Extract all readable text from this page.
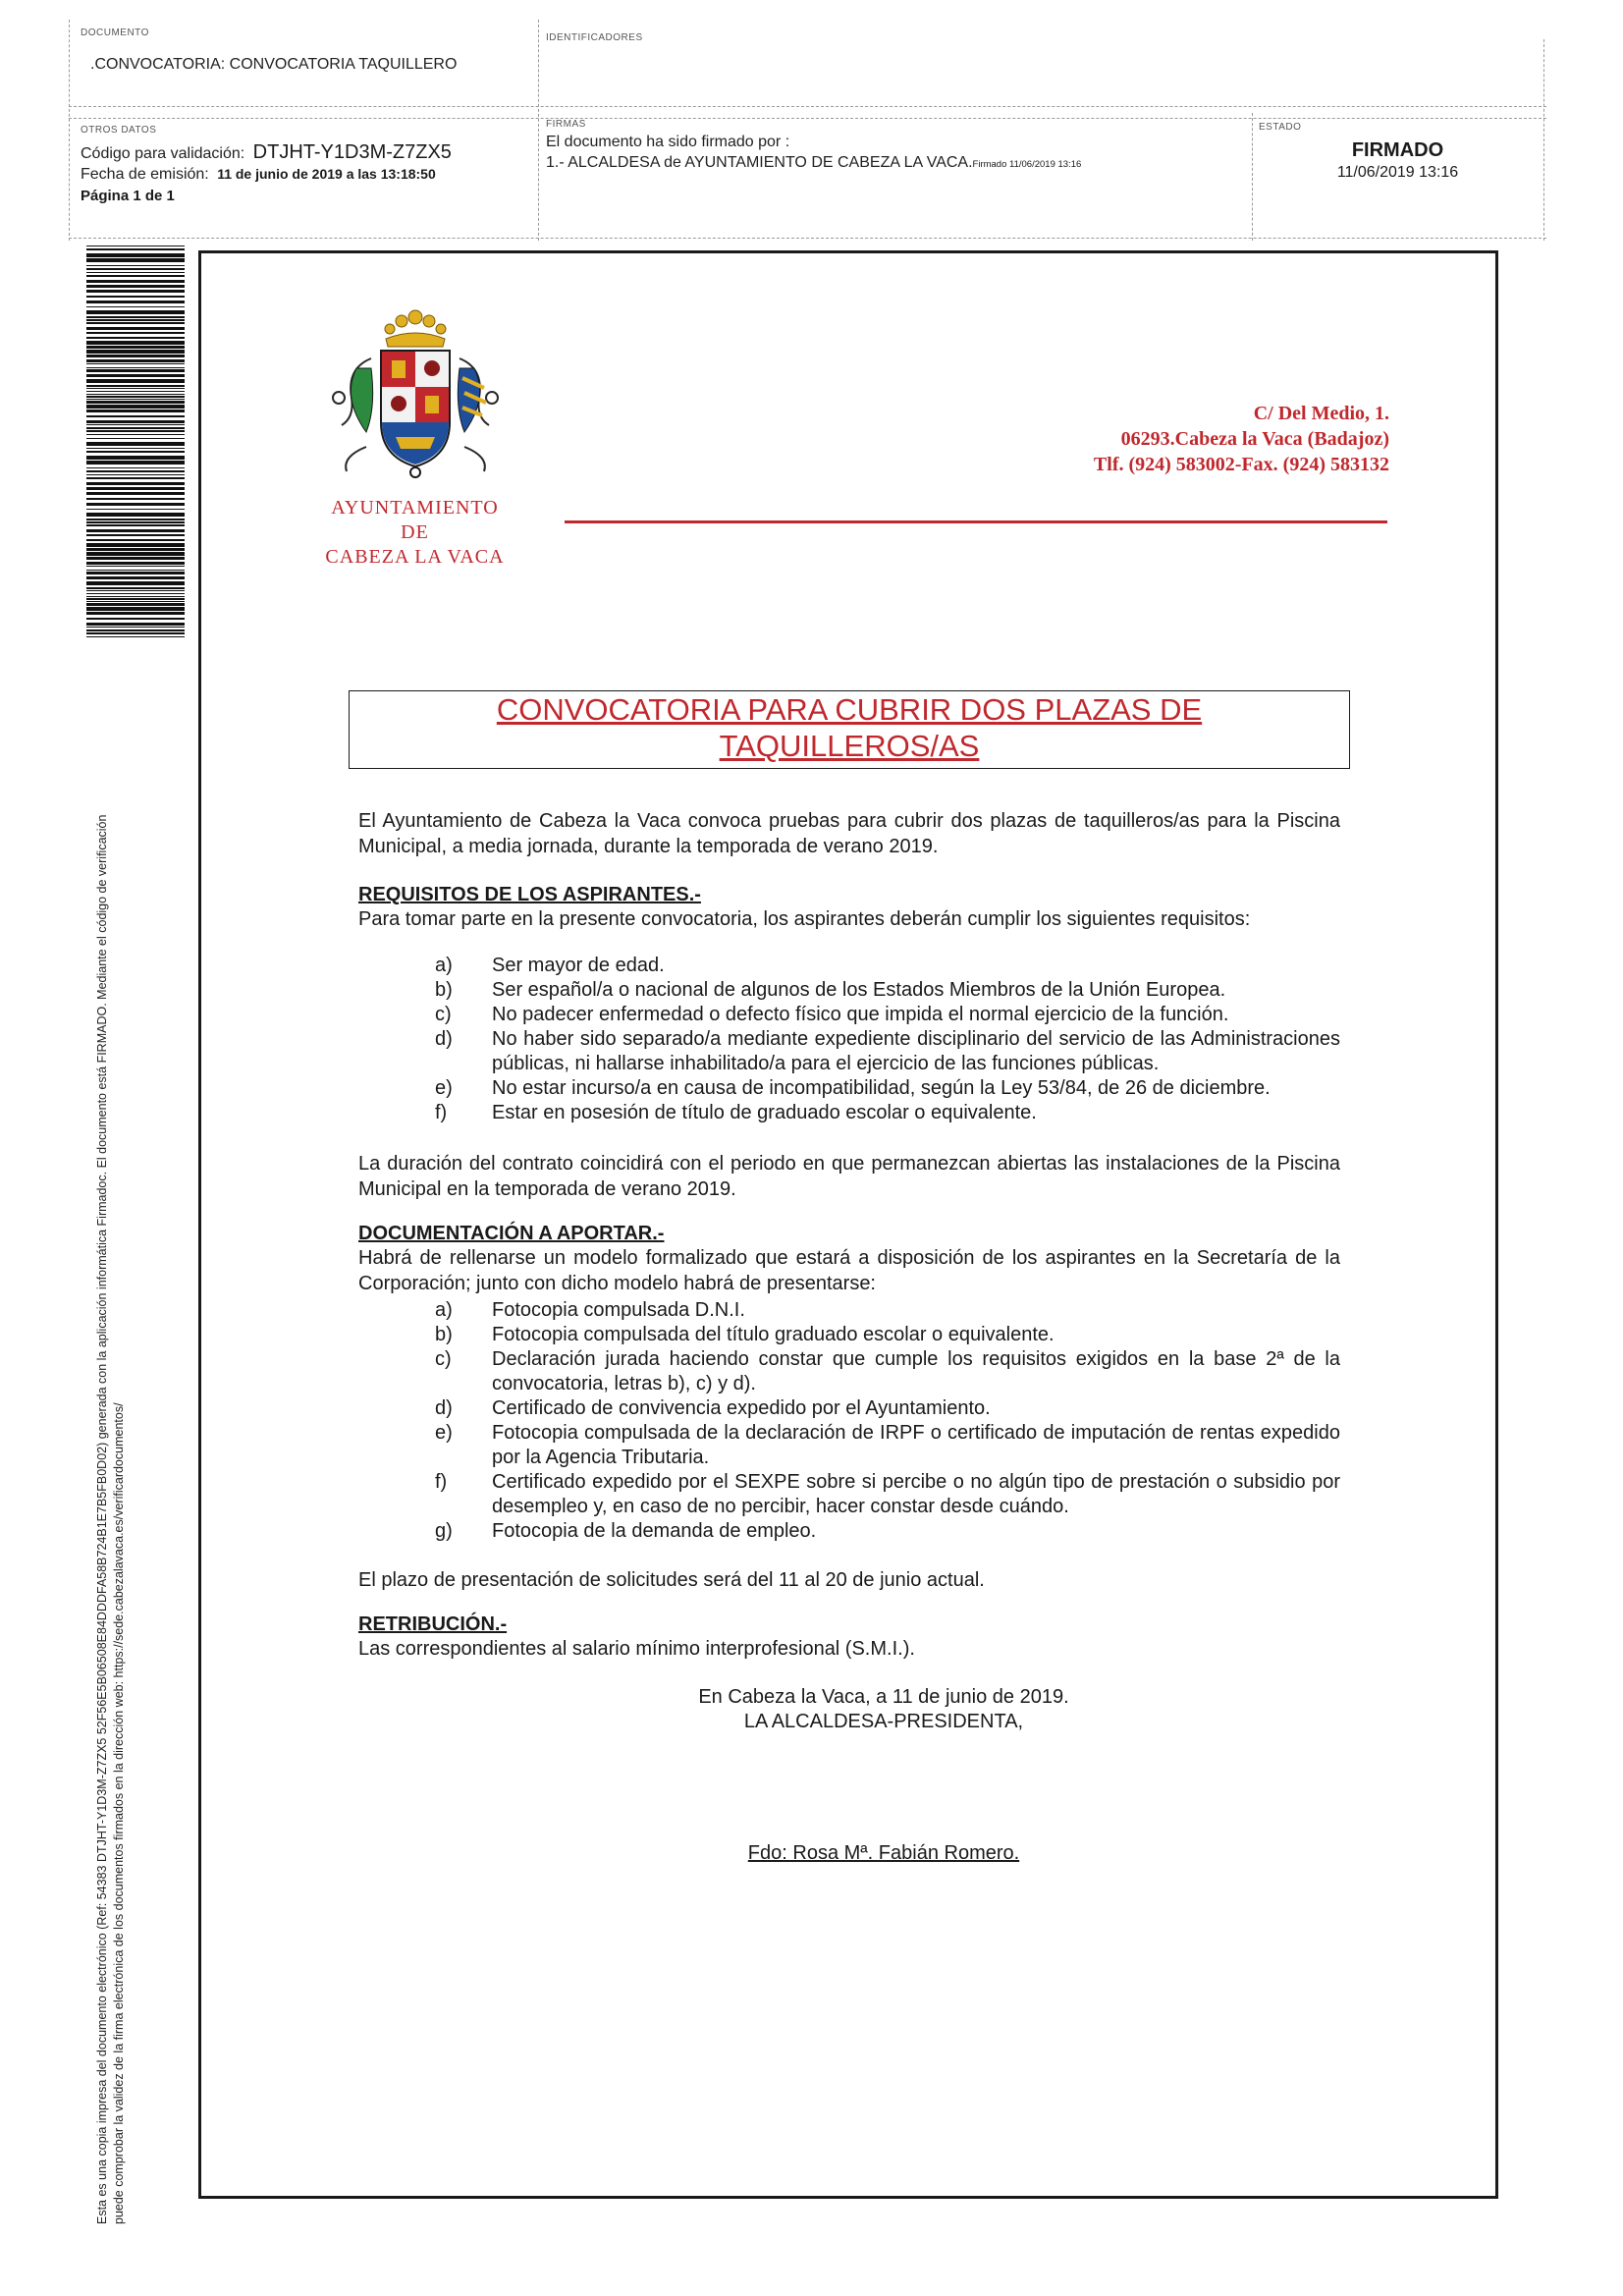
DOCUMENTO
.CONVOCATORIA: CONVOCATORIA TAQUILLERO
IDENTIFICADORES
OTROS DATOS
Código para validación: DTJHT-Y1D3M-Z7ZX5
Fecha de emisión: 11 de junio de 2019 a las 13:18:50
Página 1 de 1
FIRMAS
El documento ha sido firmado por :
1.- ALCALDESA de AYUNTAMIENTO DE CABEZA LA VACA.Firmado 11/06/2019 13:16
ESTADO
FIRMADO
11/06/2019 13:16
Esta es una copia impresa del documento electrónico (Ref: 54383 DTJHT-Y1D3M-Z7ZX5 52F56E5B06508E84DDDFA58B724B1E7B5FB0D02) generada con la aplicación informática Firmadoc. El documento está FIRMADO. Mediante el código de verificación puede comprobar la validez de la firma electrónica de los documentos firmados en la dirección web: https://sede.cabezalavaca.es/verificardocumentos/
AYUNTAMIENTO
DE
CABEZA LA VACA
C/ Del Medio, 1.
06293.Cabeza la Vaca (Badajoz)
Tlf. (924) 583002-Fax. (924) 583132
CONVOCATORIA PARA CUBRIR DOS PLAZAS DE
TAQUILLEROS/AS

El Ayuntamiento de Cabeza la Vaca convoca pruebas para cubrir dos plazas de taquilleros/as para la Piscina Municipal, a media jornada, durante la temporada de verano 2019.

REQUISITOS DE LOS ASPIRANTES.-

Para tomar parte en la presente convocatoria, los aspirantes deberán cumplir los siguientes requisitos:

a) Ser mayor de edad.
b) Ser español/a o nacional de algunos de los Estados Miembros de la Unión Europea.
c) No padecer enfermedad o defecto físico que impida el normal ejercicio de la función.
d) No haber sido separado/a mediante expediente disciplinario del servicio de las Administraciones públicas, ni hallarse inhabilitado/a para el ejercicio de las funciones públicas.
e) No estar incurso/a en causa de incompatibilidad, según la Ley 53/84, de 26 de diciembre.
f) Estar en posesión de título de graduado escolar o equivalente.

La duración del contrato coincidirá con el periodo en que permanezcan abiertas las instalaciones de la Piscina Municipal en la temporada de verano 2019.

DOCUMENTACIÓN A APORTAR.-

Habrá de rellenarse un modelo formalizado que estará a disposición de los aspirantes en la Secretaría de la Corporación; junto con dicho modelo habrá de presentarse:

a) Fotocopia compulsada D.N.I.
b) Fotocopia compulsada del título graduado escolar o equivalente.
c) Declaración jurada haciendo constar que cumple los requisitos exigidos en la base 2ª de la convocatoria, letras b), c) y d).
d) Certificado de convivencia expedido por el Ayuntamiento.
e) Fotocopia compulsada de la declaración de IRPF o certificado de imputación de rentas expedido por la Agencia Tributaria.
f) Certificado expedido por el SEXPE sobre si percibe o no algún tipo de prestación o subsidio por desempleo y, en caso de no percibir, hacer constar desde cuándo.
g) Fotocopia de la demanda de empleo.

El plazo de presentación de solicitudes será del 11 al 20 de junio actual.

RETRIBUCIÓN.-

Las correspondientes al salario mínimo interprofesional (S.M.I.).

En Cabeza la Vaca, a 11 de junio de 2019.
LA ALCALDESA-PRESIDENTA,
Fdo: Rosa Mª. Fabián Romero.
